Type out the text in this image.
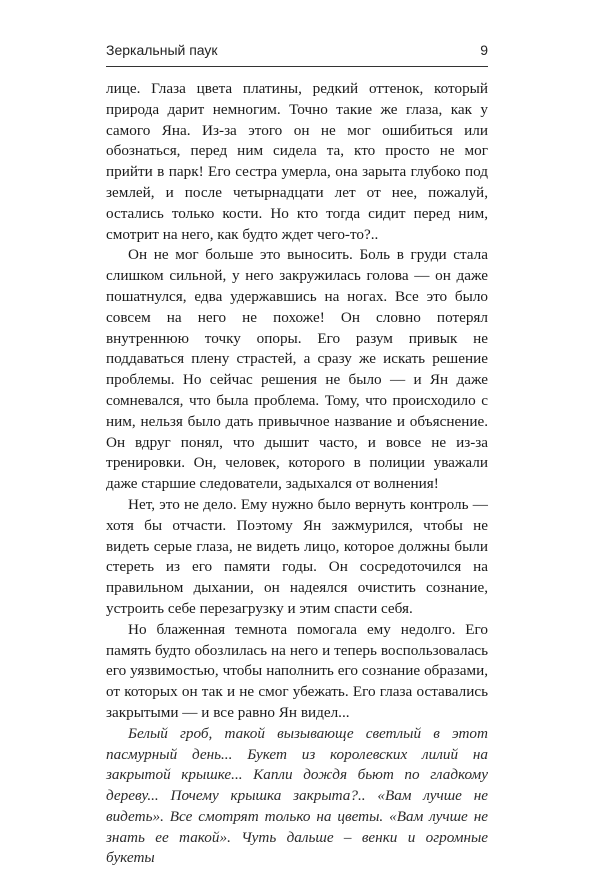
Зеркальный паук	9

лице. Глаза цвета платины, редкий оттенок, который природа дарит немногим. Точно такие же глаза, как у самого Яна. Из-за этого он не мог ошибиться или обознаться, перед ним сидела та, кто просто не мог прийти в парк! Его сестра умерла, она зарыта глубоко под землей, и после четырнадцати лет от нее, пожалуй, остались только кости. Но кто тогда сидит перед ним, смотрит на него, как будто ждет чего-то?..

Он не мог больше это выносить. Боль в груди стала слишком сильной, у него закружилась голова — он даже пошатнулся, едва удержавшись на ногах. Все это было совсем на него не похоже! Он словно потерял внутреннюю точку опоры. Его разум привык не поддаваться плену страстей, а сразу же искать решение проблемы. Но сейчас решения не было — и Ян даже сомневался, что была проблема. Тому, что происходило с ним, нельзя было дать привычное название и объяснение. Он вдруг понял, что дышит часто, и вовсе не из-за тренировки. Он, человек, которого в полиции уважали даже старшие следователи, задыхался от волнения!

Нет, это не дело. Ему нужно было вернуть контроль — хотя бы отчасти. Поэтому Ян зажмурился, чтобы не видеть серые глаза, не видеть лицо, которое должны были стереть из его памяти годы. Он сосредоточился на правильном дыхании, он надеялся очистить сознание, устроить себе перезагрузку и этим спасти себя.

Но блаженная темнота помогала ему недолго. Его память будто обозлилась на него и теперь воспользовалась его уязвимостью, чтобы наполнить его сознание образами, от которых он так и не смог убежать. Его глаза оставались закрытыми — и все равно Ян видел...

Белый гроб, такой вызывающе светлый в этот пасмурный день... Букет из королевских лилий на закрытой крышке... Капли дождя бьют по гладкому дереву... Почему крышка закрыта?.. «Вам лучше не видеть». Все смотрят только на цветы. «Вам лучше не знать ее такой». Чуть дальше – венки и огромные букеты
